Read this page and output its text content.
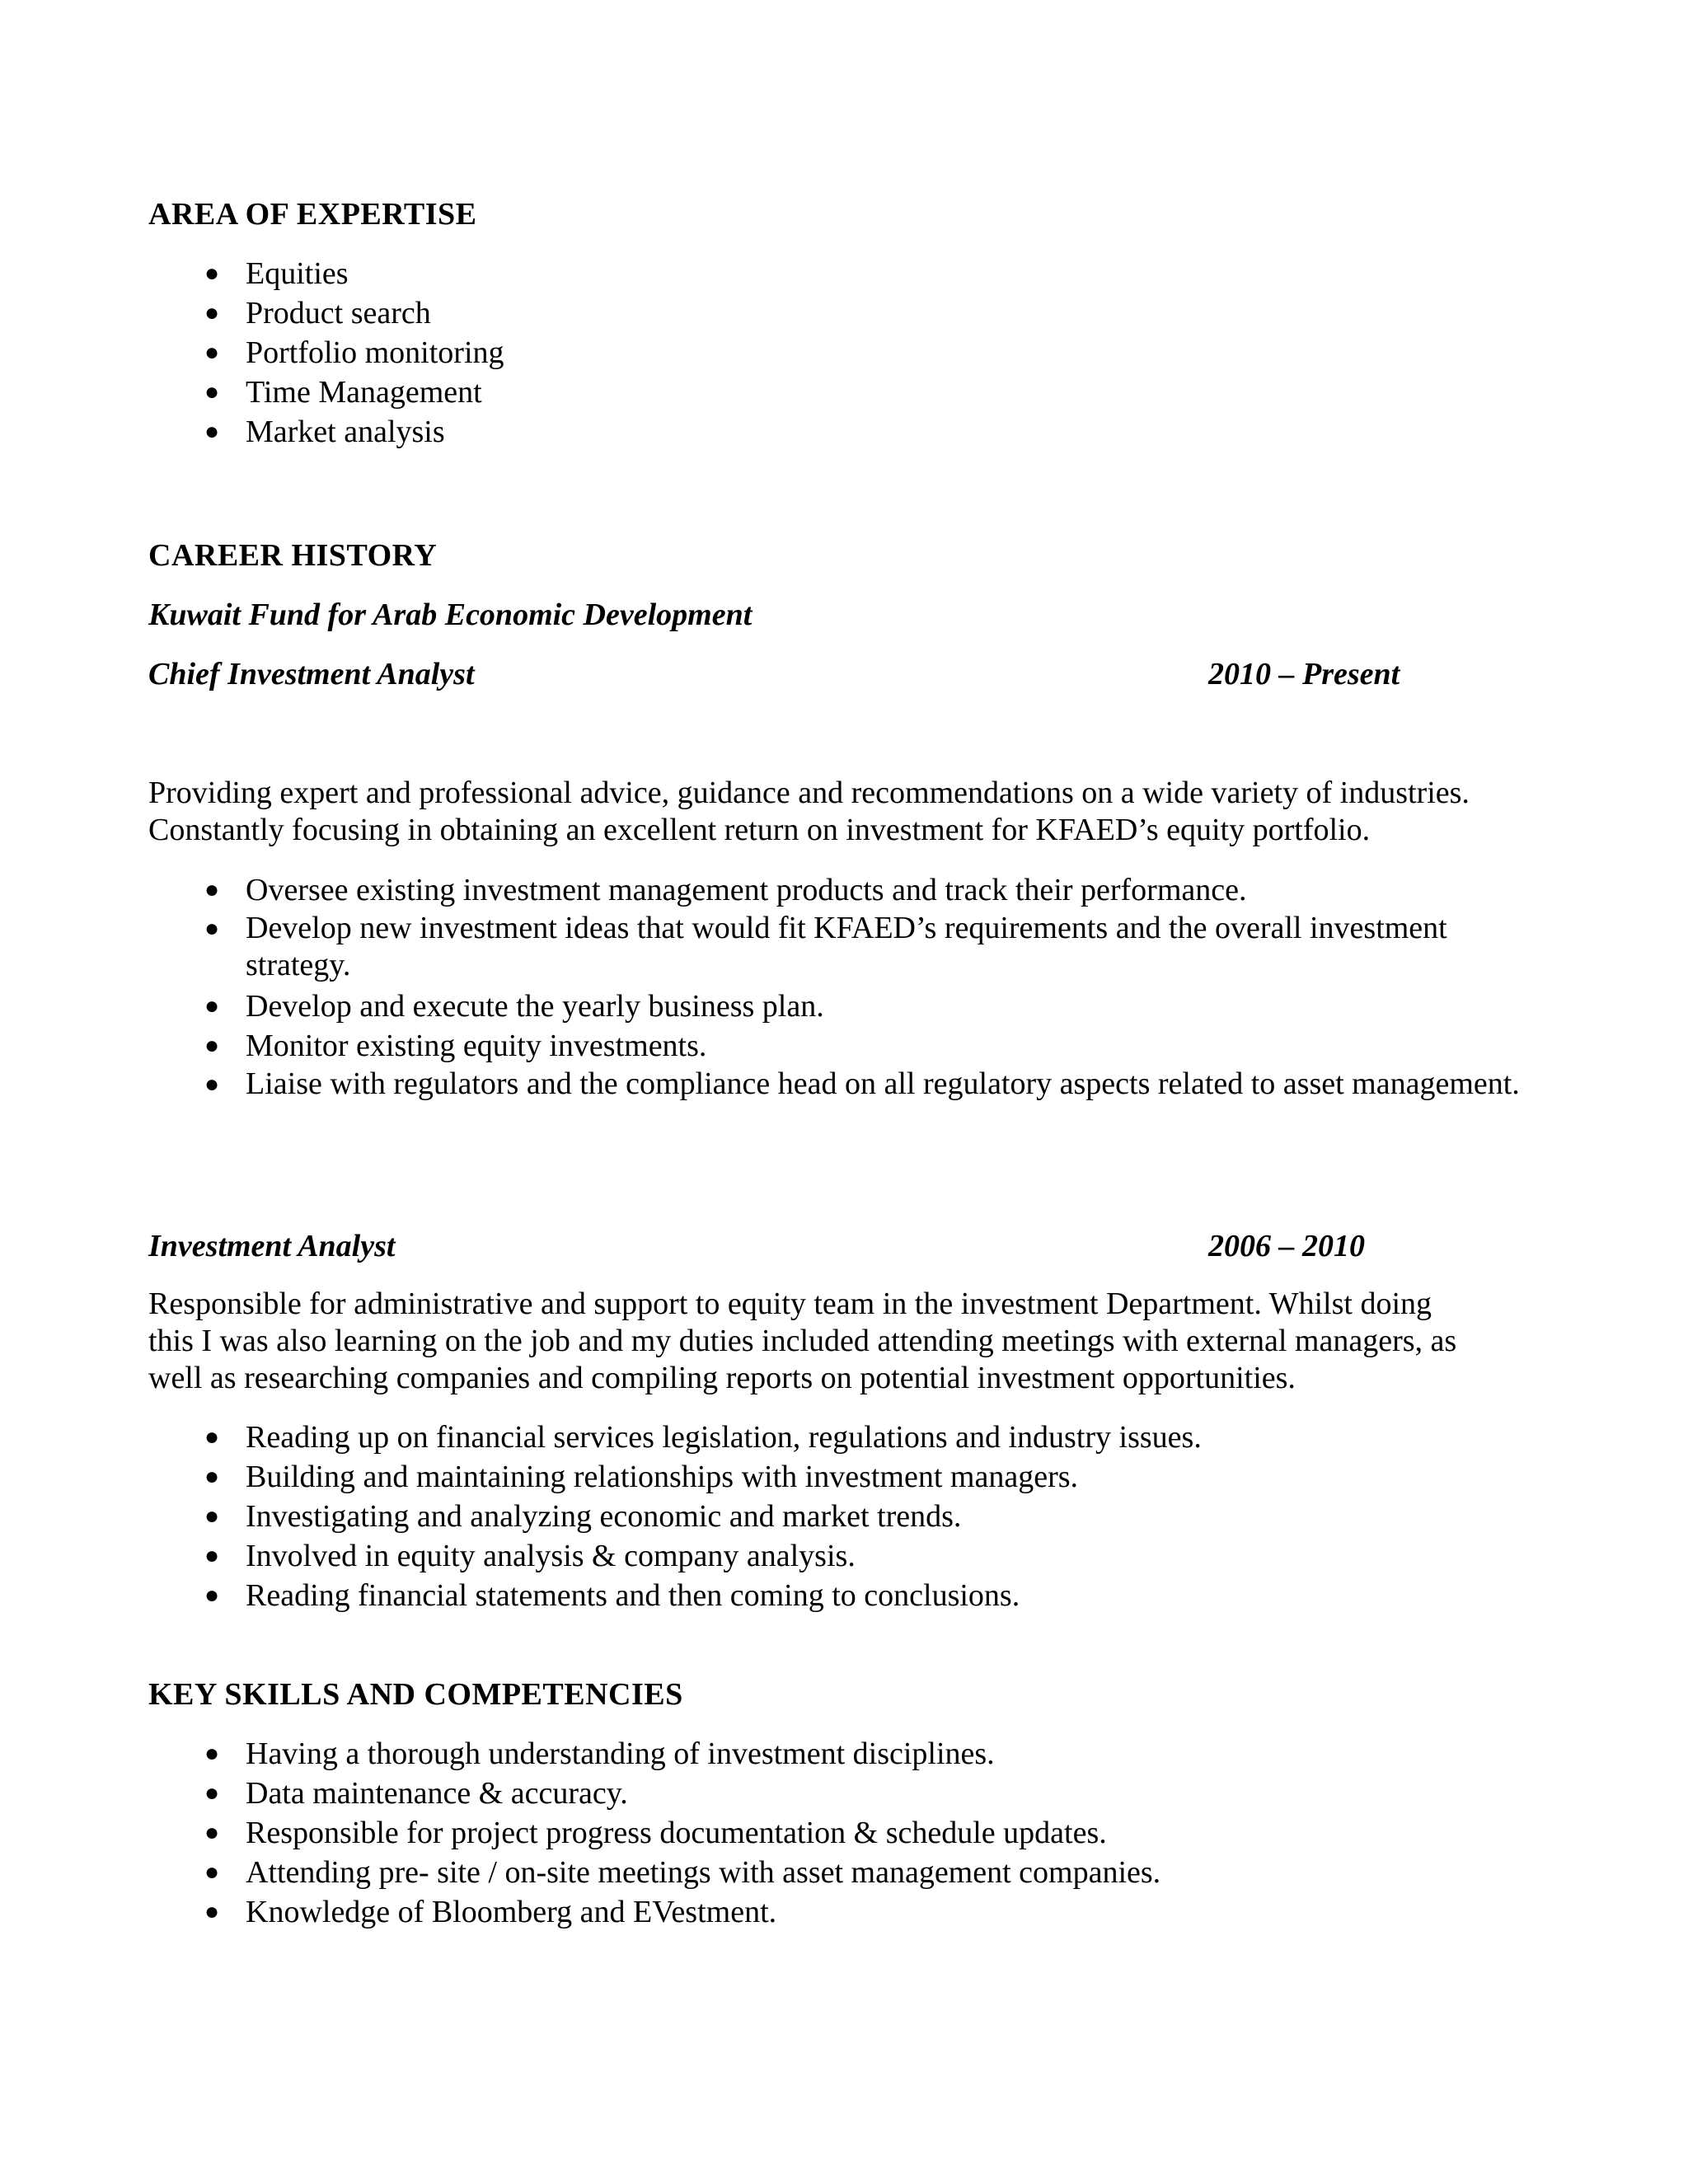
AREA OF EXPERTISE
● Equities
● Product search
● Portfolio monitoring
● Time Management
● Market analysis
CAREER HISTORY
Kuwait Fund for Arab Economic Development
Chief Investment Analyst	2010 – Present
Providing expert and professional advice, guidance and recommendations on a wide variety of industries.
Constantly focusing in obtaining an excellent return on investment for KFAED’s equity portfolio.
● Oversee existing investment management products and track their performance.
● Develop new investment ideas that would fit KFAED’s requirements and the overall investment strategy.
● Develop and execute the yearly business plan.
● Monitor existing equity investments.
● Liaise with regulators and the compliance head on all regulatory aspects related to asset management.
Investment Analyst	2006 – 2010
Responsible for administrative and support to equity team in the investment Department. Whilst doing
this I was also learning on the job and my duties included attending meetings with external managers, as
well as researching companies and compiling reports on potential investment opportunities.
● Reading up on financial services legislation, regulations and industry issues.
● Building and maintaining relationships with investment managers.
● Investigating and analyzing economic and market trends.
● Involved in equity analysis & company analysis.
● Reading financial statements and then coming to conclusions.
KEY SKILLS AND COMPETENCIES
● Having a thorough understanding of investment disciplines.
● Data maintenance & accuracy.
● Responsible for project progress documentation & schedule updates.
● Attending pre- site / on-site meetings with asset management companies.
● Knowledge of Bloomberg and EVestment.
